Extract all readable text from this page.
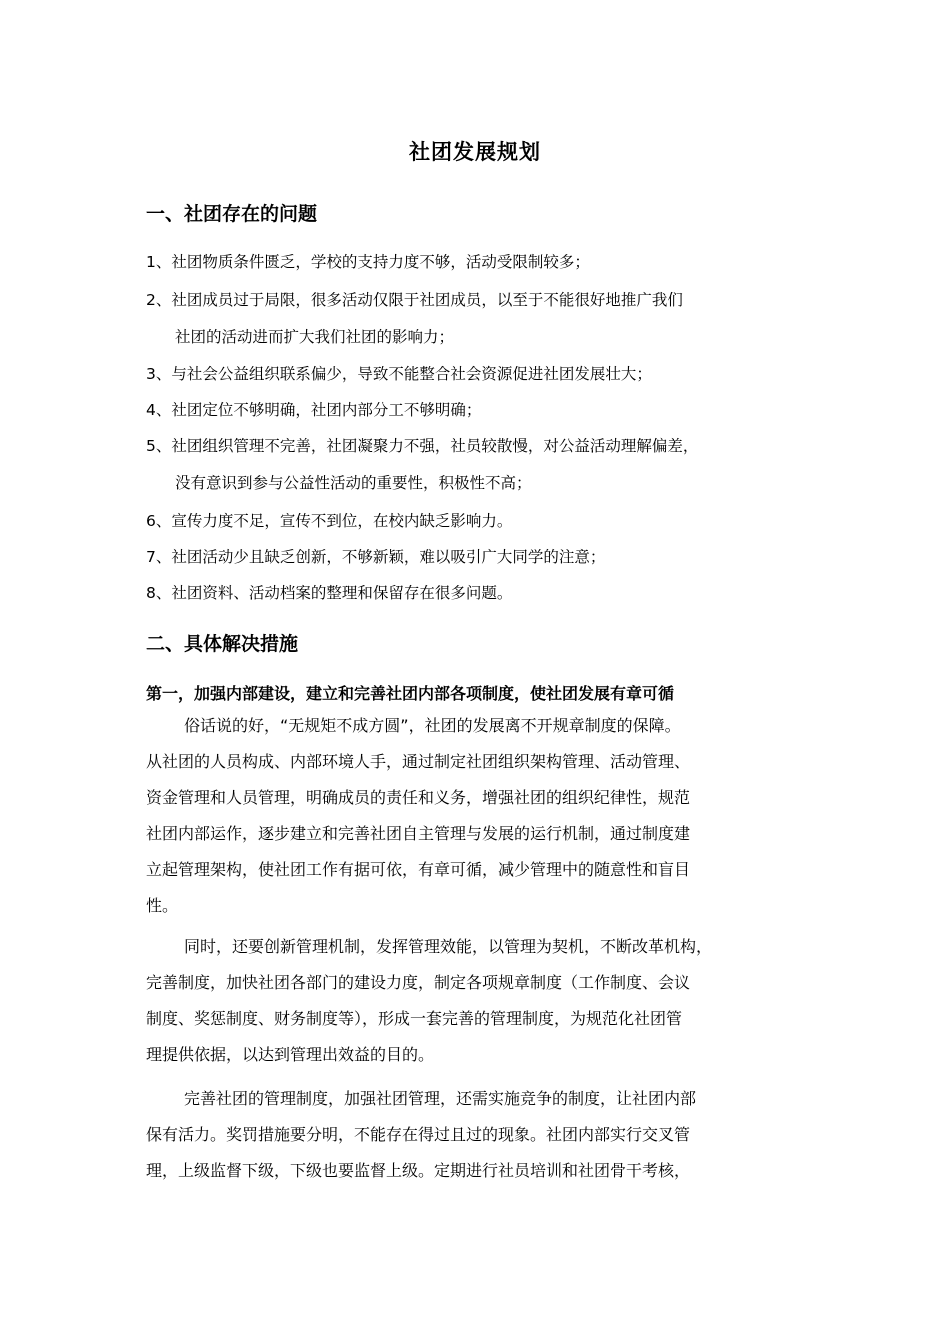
社团发展规划
一、社团存在的问题
1、社团物质条件匮乏，学校的支持力度不够，活动受限制较多；
2、社团成员过于局限，很多活动仅限于社团成员，以至于不能很好地推广我们
社团的活动进而扩大我们社团的影响力；
3、与社会公益组织联系偏少，导致不能整合社会资源促进社团发展壮大；
4、社团定位不够明确，社团内部分工不够明确；
5、社团组织管理不完善，社团凝聚力不强，社员较散慢，对公益活动理解偏差，
没有意识到参与公益性活动的重要性，积极性不高；
6、宣传力度不足，宣传不到位，在校内缺乏影响力。
7、社团活动少且缺乏创新，不够新颖，难以吸引广大同学的注意；
8、社团资料、活动档案的整理和保留存在很多问题。
二、具体解决措施
第一，加强内部建设，建立和完善社团内部各项制度，使社团发展有章可循
俗话说的好，“无规矩不成方圆”，社团的发展离不开规章制度的保障。
从社团的人员构成、内部环境人手，通过制定社团组织架构管理、活动管理、
资金管理和人员管理，明确成员的责任和义务，增强社团的组织纪律性，规范
社团内部运作，逐步建立和完善社团自主管理与发展的运行机制，通过制度建
立起管理架构，使社团工作有据可依，有章可循，减少管理中的随意性和盲目
性。
同时，还要创新管理机制，发挥管理效能，以管理为契机，不断改革机构，
完善制度，加快社团各部门的建设力度，制定各项规章制度（工作制度、会议
制度、奖惩制度、财务制度等），形成一套完善的管理制度，为规范化社团管
理提供依据，以达到管理出效益的目的。
完善社团的管理制度，加强社团管理，还需实施竞争的制度，让社团内部
保有活力。奖罚措施要分明，不能存在得过且过的现象。社团内部实行交叉管
理，上级监督下级，下级也要监督上级。定期进行社员培训和社团骨干考核，
